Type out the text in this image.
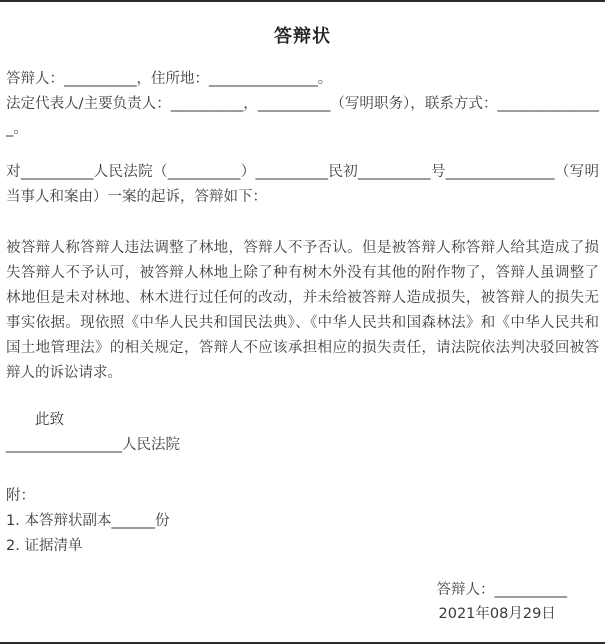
答辩状
答辩人：__________，住所地：_______________。
法定代表人/主要负责人：__________，__________（写明职务），联系方式：_______________。
对__________人民法院（__________）__________民初__________号_______________（写明当事人和案由）一案的起诉，答辩如下：
被答辩人称答辩人违法调整了林地，答辩人不予否认。但是被答辩人称答辩人给其造成了损失答辩人不予认可，被答辩人林地上除了种有树木外没有其他的附作物了，答辩人虽调整了林地但是未对林地、林木进行过任何的改动，并未给被答辩人造成损失，被答辩人的损失无事实依据。现依照《中华人民共和国民法典》、《中华人民共和国森林法》和《中华人民共和国土地管理法》的相关规定，答辩人不应该承担相应的损失责任，请法院依法判决驳回被答辩人的诉讼请求。
此致
________________人民法院
附：
1. 本答辩状副本______份
2. 证据清单
答辩人：__________
2021年08月29日
